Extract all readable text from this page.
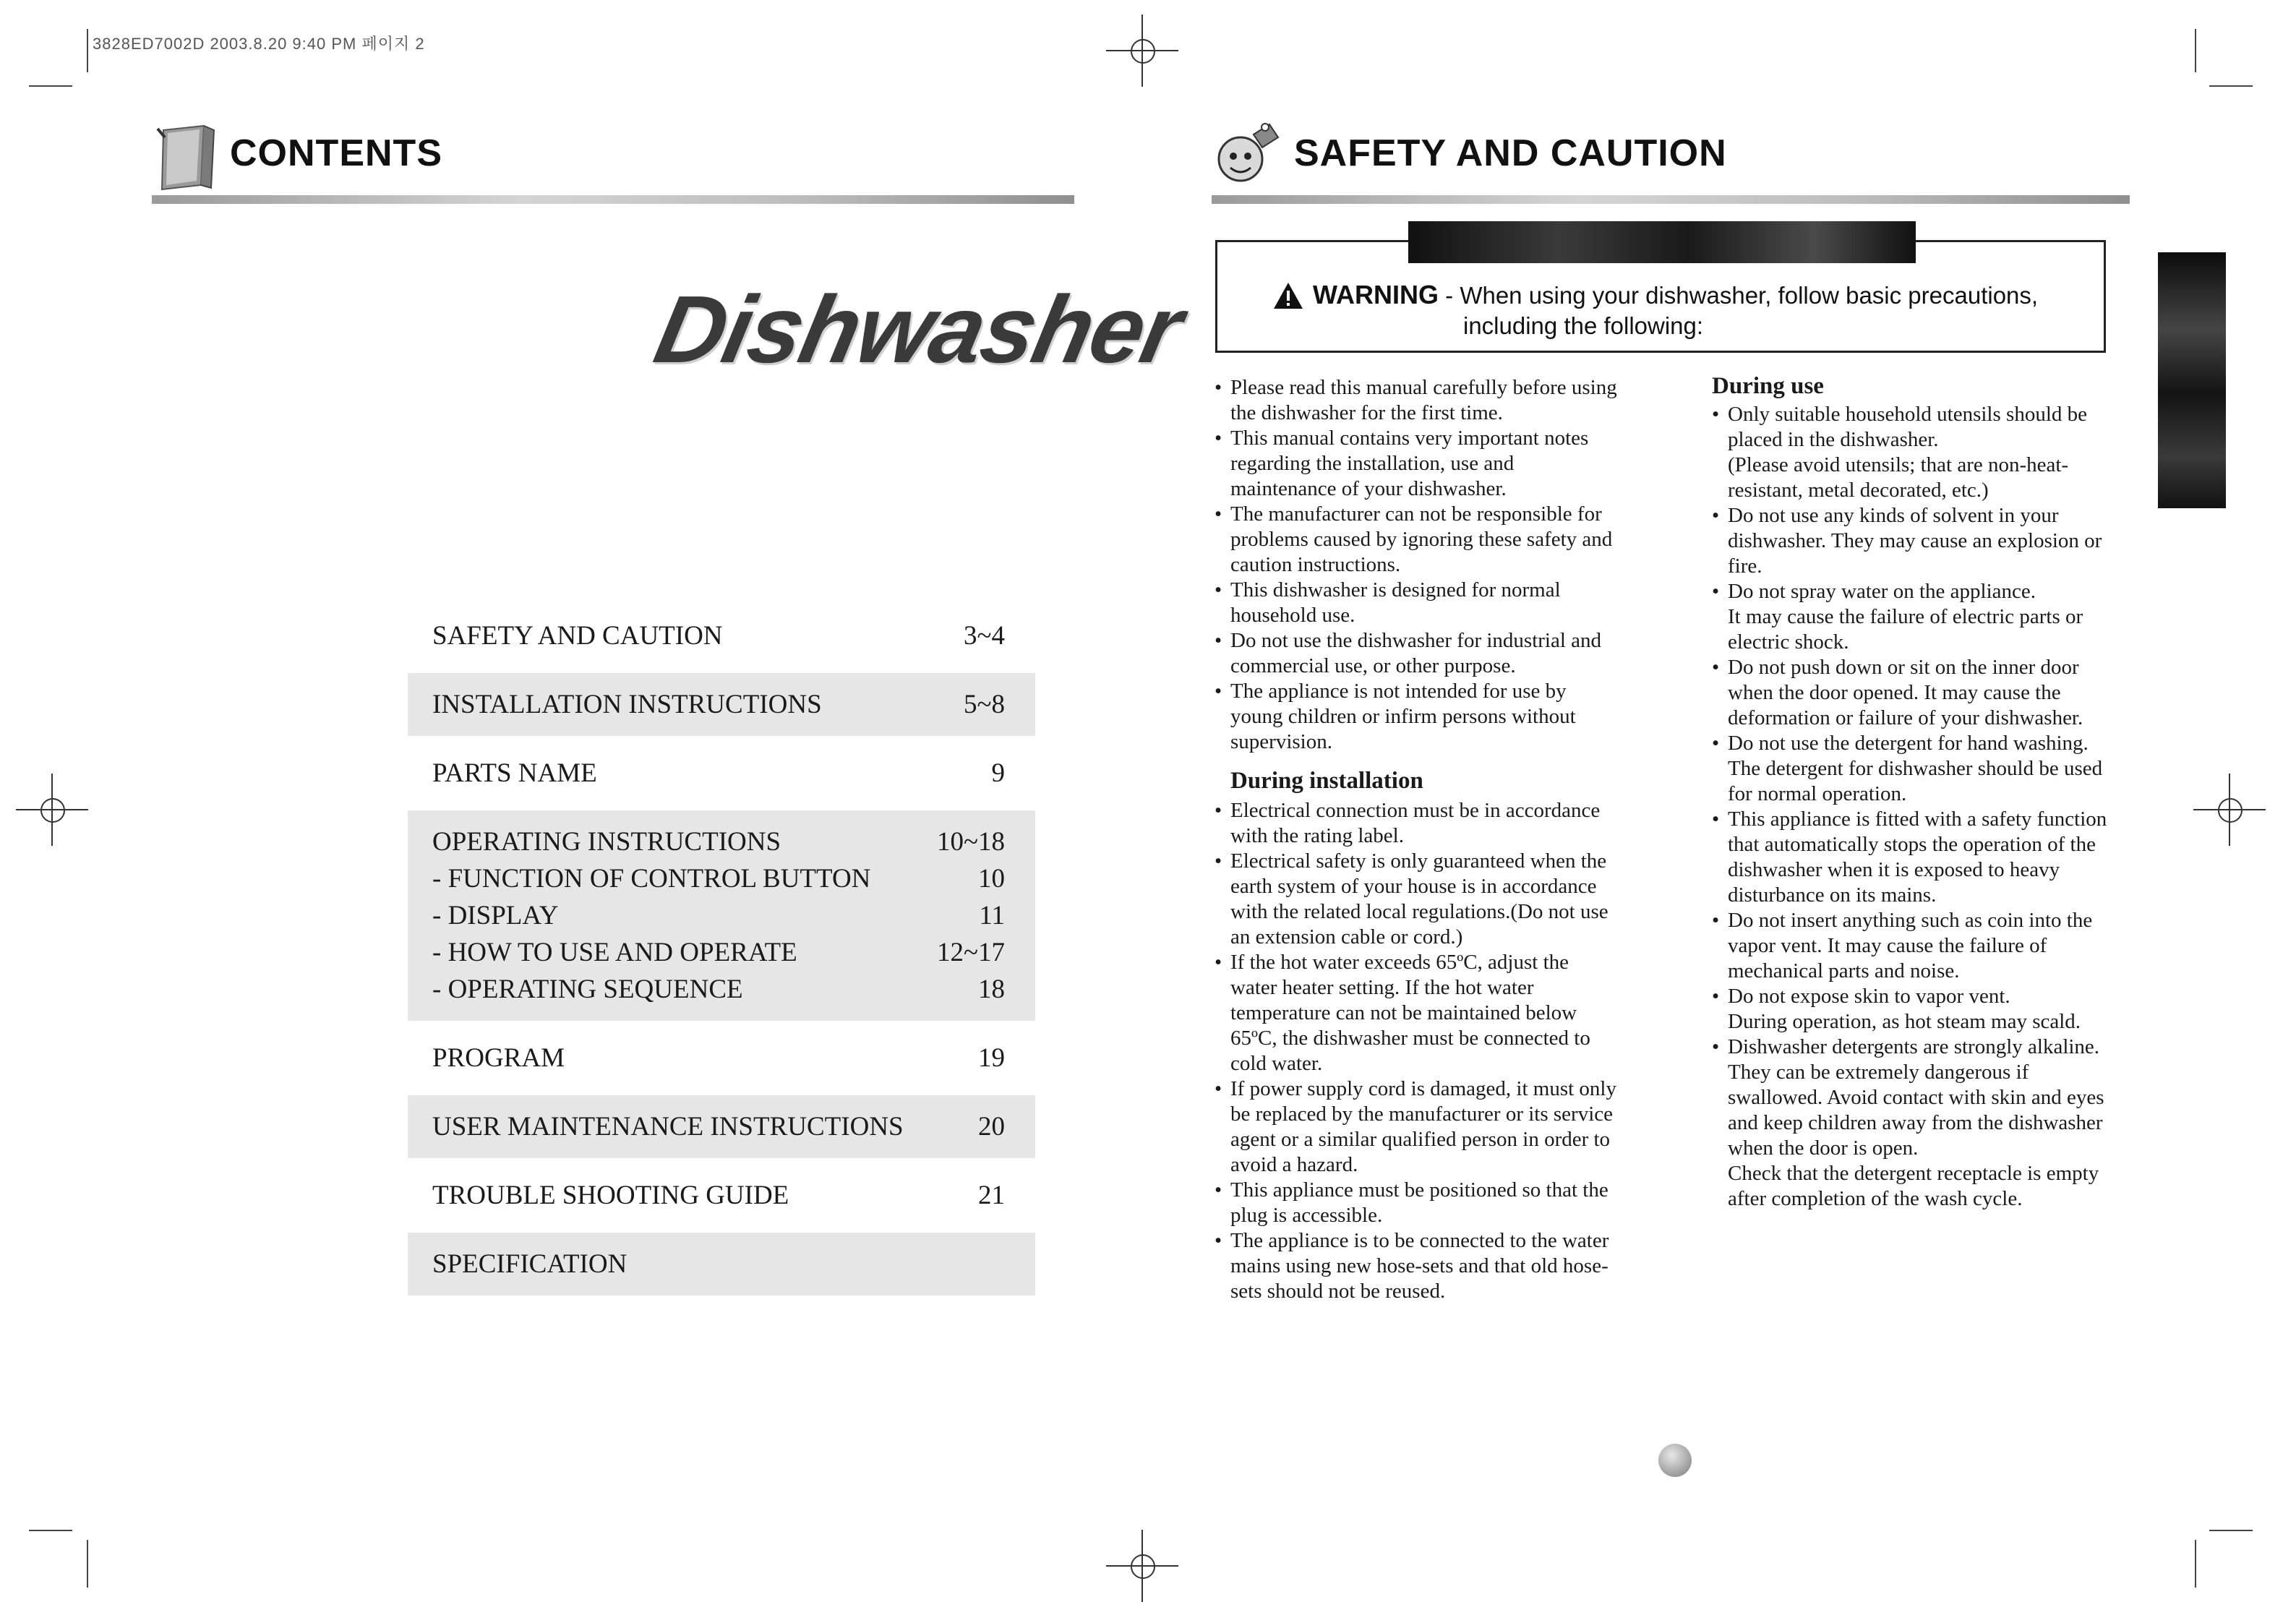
3828ED7002D 2003.8.20 9:40 PM 페이지 2
CONTENTS
Dishwasher
SAFETY AND CAUTION	3~4
INSTALLATION INSTRUCTIONS	5~8
PARTS NAME	9
OPERATING INSTRUCTIONS	10~18
- FUNCTION OF CONTROL BUTTON	10
- DISPLAY	11
- HOW TO USE AND OPERATE	12~17
- OPERATING SEQUENCE	18
PROGRAM	19
USER MAINTENANCE INSTRUCTIONS	20
TROUBLE SHOOTING GUIDE	21
SPECIFICATION
SAFETY AND CAUTION
WARNING - When using your dishwasher, follow basic precautions,
including the following:
• Please read this manual carefully before using the dishwasher for the first time.
• This manual contains very important notes regarding the installation, use and maintenance of your dishwasher.
• The manufacturer can not be responsible for problems caused by ignoring these safety and caution instructions.
• This dishwasher is designed for normal household use.
• Do not use the dishwasher for industrial and commercial use, or other purpose.
• The appliance is not intended for use by young children or infirm persons without supervision.
During installation
• Electrical connection must be in accordance with the rating label.
• Electrical safety is only guaranteed when the earth system of your house is in accordance with the related local regulations.(Do not use an extension cable or cord.)
• If the hot water exceeds 65ºC, adjust the water heater setting. If the hot water temperature can not be maintained below 65ºC, the dishwasher must be connected to cold water.
• If power supply cord is damaged, it must only be replaced by the manufacturer or its service agent or a similar qualified person in order to avoid a hazard.
• This appliance must be positioned so that the plug is accessible.
• The appliance is to be connected to the water mains using new hose-sets and that old hose-sets should not be reused.
During use
• Only suitable household utensils should be placed in the dishwasher.
(Please avoid utensils; that are non-heat-resistant, metal decorated, etc.)
• Do not use any kinds of solvent in your dishwasher. They may cause an explosion or fire.
• Do not spray water on the appliance.
It may cause the failure of electric parts or electric shock.
• Do not push down or sit on the inner door when the door opened. It may cause the deformation or failure of your dishwasher.
• Do not use the detergent for hand washing.
The detergent for dishwasher should be used for normal operation.
• This appliance is fitted with a safety function that automatically stops the operation of the dishwasher when it is exposed to heavy disturbance on its mains.
• Do not insert anything such as coin into the vapor vent. It may cause the failure of mechanical parts and noise.
• Do not expose skin to vapor vent.
During operation, as hot steam may scald.
• Dishwasher detergents are strongly alkaline. They can be extremely dangerous if swallowed. Avoid contact with skin and eyes and keep children away from the dishwasher when the door is open.
Check that the detergent receptacle is empty after completion of the wash cycle.
